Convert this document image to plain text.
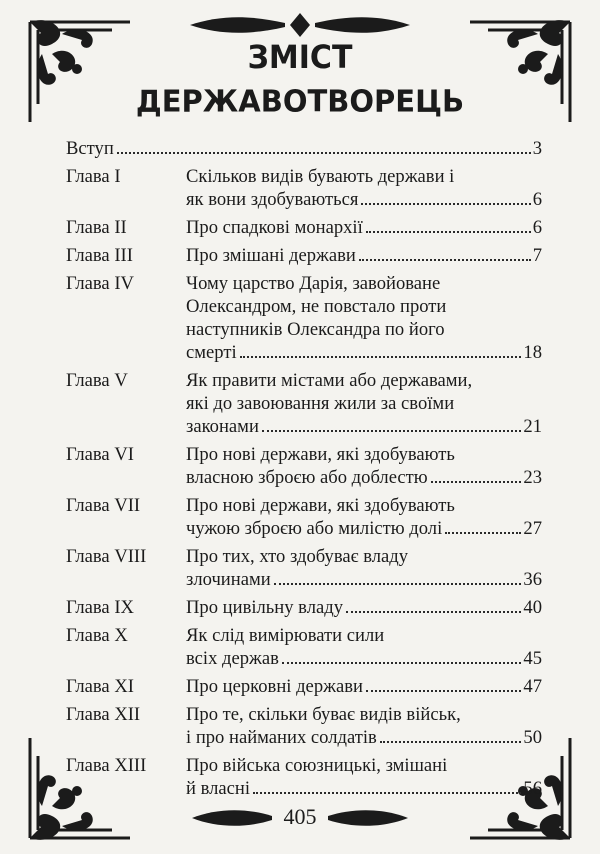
ЗМІСТ
ДЕРЖАВОТВОРЕЦЬ
Вступ	3
Глава I	Скільков видів бувають держави і
як вони здобуваються	6
Глава II	Про спадкові монархії	6
Глава III	Про змішані держави	7
Глава IV	Чому царство Дарія, завойоване
Олександром, не повстало проти
наступників Олександра по його
смерті	18
Глава V	Як правити містами або державами,
які до завоювання жили за своїми
законами	21
Глава VI	Про нові держави, які здобувають
власною зброєю або доблестю	23
Глава VII	Про нові держави, які здобувають
чужою зброєю або милістю долі	27
Глава VIII	Про тих, хто здобуває владу
злочинами	36
Глава IX	Про цивільну владу	40
Глава X	Як слід вимірювати сили
всіх держав	45
Глава XI	Про церковні держави	47
Глава XII	Про те, скільки буває видів військ,
і про найманих солдатів	50
Глава XIII	Про війська союзницькі, змішані
й власні	56
405
